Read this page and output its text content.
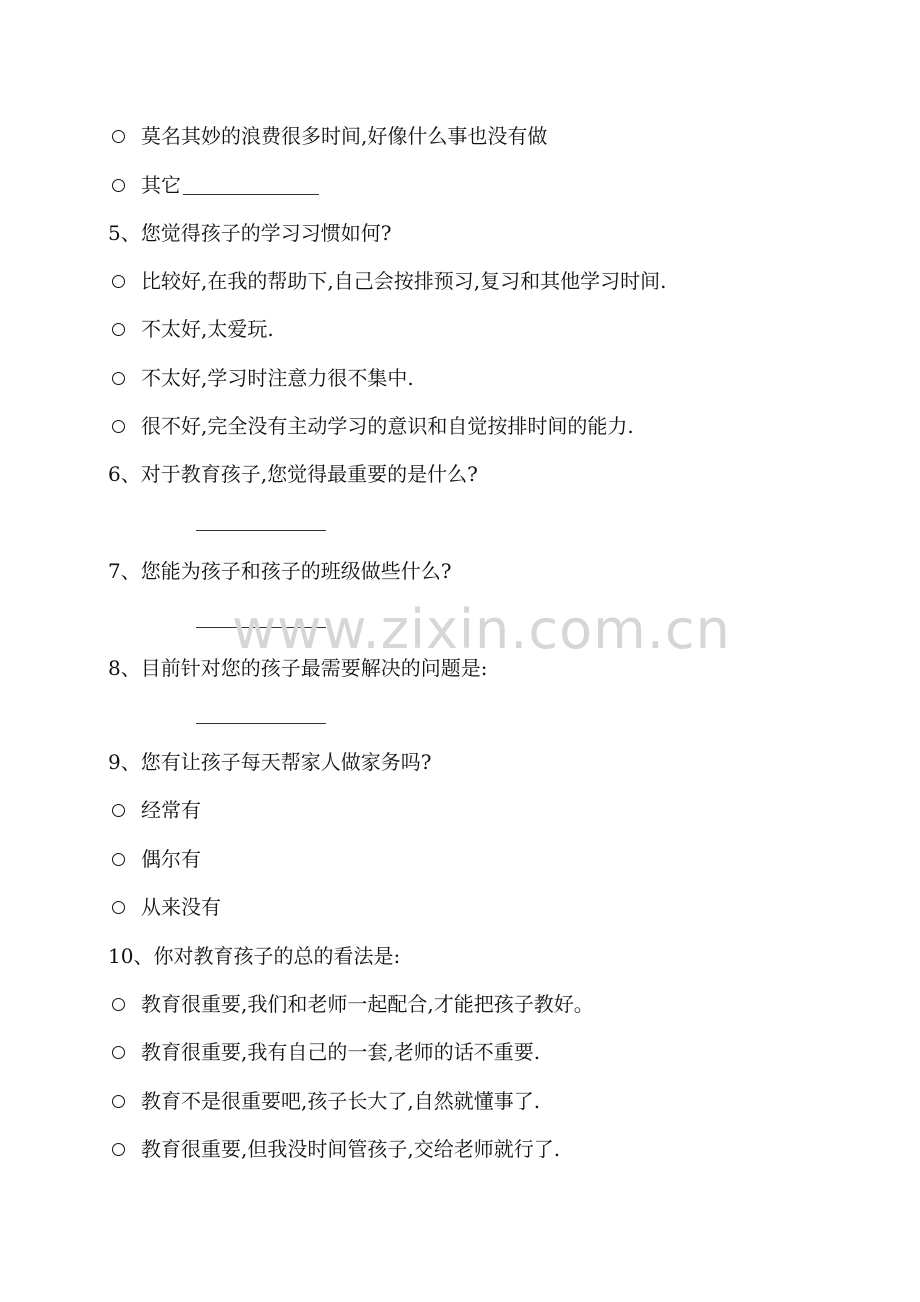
莫名其妙的浪费很多时间,好像什么事也没有做
其它
5、您觉得孩子的学习习惯如何?
比较好,在我的帮助下,自己会按排预习,复习和其他学习时间.
不太好,太爱玩.
不太好,学习时注意力很不集中.
很不好,完全没有主动学习的意识和自觉按排时间的能力.
6、对于教育孩子,您觉得最重要的是什么?
7、您能为孩子和孩子的班级做些什么?
8、目前针对您的孩子最需要解决的问题是:
9、您有让孩子每天帮家人做家务吗?
经常有
偶尔有
从来没有
10、你对教育孩子的总的看法是:
教育很重要,我们和老师一起配合,才能把孩子教好。
教育很重要,我有自己的一套,老师的话不重要.
教育不是很重要吧,孩子长大了,自然就懂事了.
教育很重要,但我没时间管孩子,交给老师就行了.
www.zixin.com.cn
